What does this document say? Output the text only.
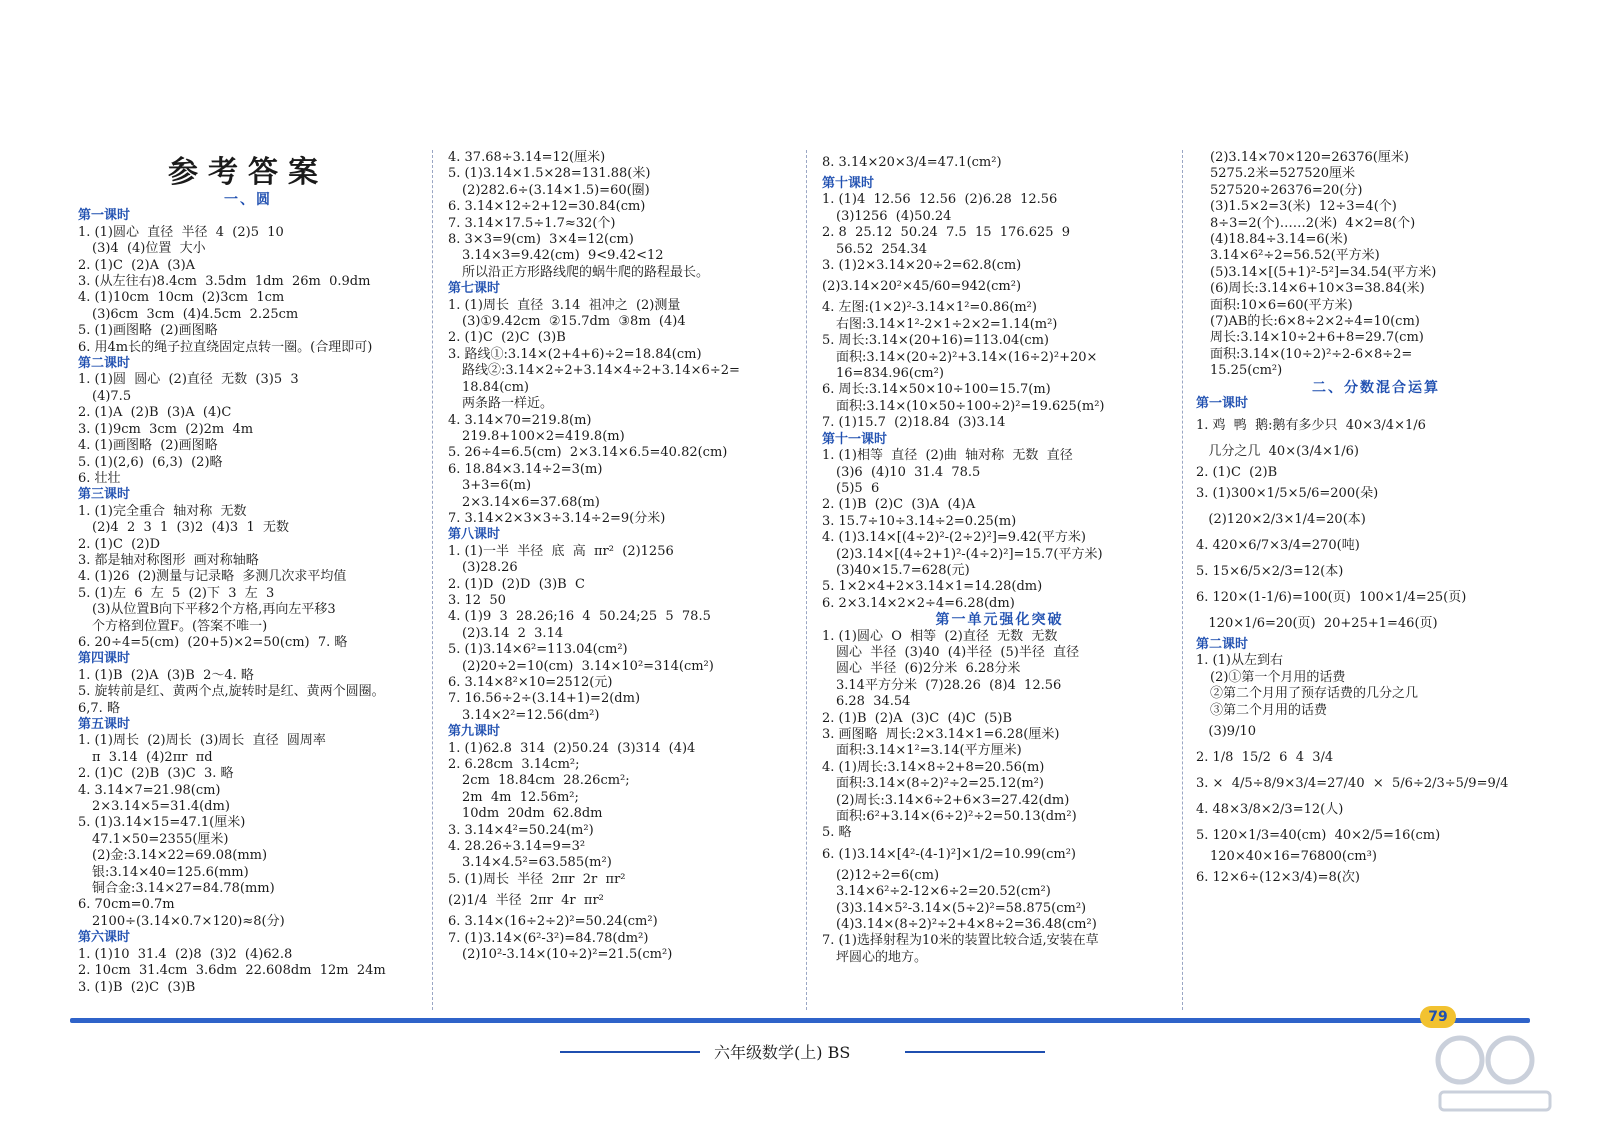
参考答案
一、圆
第一课时
1. (1)圆心  直径  半径  4  (2)5  10
(3)4  (4)位置  大小
2. (1)C  (2)A  (3)A
3. (从左往右)8.4cm  3.5dm  1dm  26m  0.9dm
4. (1)10cm  10cm  (2)3cm  1cm
(3)6cm  3cm  (4)4.5cm  2.25cm
5. (1)画图略  (2)画图略
6. 用4m长的绳子拉直绕固定点转一圈。(合理即可)
第二课时
1. (1)圆  圆心  (2)直径  无数  (3)5  3
(4)7.5
2. (1)A  (2)B  (3)A  (4)C
3. (1)9cm  3cm  (2)2m  4m
4. (1)画图略  (2)画图略
5. (1)(2,6)  (6,3)  (2)略
6. 壮壮
第三课时
1. (1)完全重合  轴对称  无数
(2)4  2  3  1  (3)2  (4)3  1  无数
2. (1)C  (2)D
3. 都是轴对称图形  画对称轴略
4. (1)26  (2)测量与记录略  多测几次求平均值
5. (1)左  6  左  5  (2)下  3  左  3
(3)从位置B向下平移2个方格,再向左平移3
个方格到位置F。(答案不唯一)
6. 20÷4=5(cm)  (20+5)×2=50(cm)  7. 略
第四课时
1. (1)B  (2)A  (3)B  2～4. 略
5. 旋转前是红、黄两个点,旋转时是红、黄两个圆圈。
6,7. 略
第五课时
1. (1)周长  (2)周长  (3)周长  直径  圆周率
π  3.14  (4)2πr  πd
2. (1)C  (2)B  (3)C  3. 略
4. 3.14×7=21.98(cm)
2×3.14×5=31.4(dm)
5. (1)3.14×15=47.1(厘米)
47.1×50=2355(厘米)
(2)金:3.14×22=69.08(mm)
银:3.14×40=125.6(mm)
铜合金:3.14×27=84.78(mm)
6. 70cm=0.7m
2100÷(3.14×0.7×120)≈8(分)
第六课时
1. (1)10  31.4  (2)8  (3)2  (4)62.8
2. 10cm  31.4cm  3.6dm  22.608dm  12m  24m
3. (1)B  (2)C  (3)B
4. 37.68÷3.14=12(厘米)
5. (1)3.14×1.5×28=131.88(米)
(2)282.6÷(3.14×1.5)=60(圈)
6. 3.14×12÷2+12=30.84(cm)
7. 3.14×17.5÷1.7≈32(个)
8. 3×3=9(cm)  3×4=12(cm)
3.14×3=9.42(cm)  9<9.42<12
所以沿正方形路线爬的蜗牛爬的路程最长。
第七课时
1. (1)周长  直径  3.14  祖冲之  (2)测量
(3)①9.42cm  ②15.7dm  ③8m  (4)4
2. (1)C  (2)C  (3)B
3. 路线①:3.14×(2+4+6)÷2=18.84(cm)
路线②:3.14×2÷2+3.14×4÷2+3.14×6÷2=
18.84(cm)
两条路一样近。
4. 3.14×70=219.8(m)
219.8+100×2=419.8(m)
5. 26÷4=6.5(cm)  2×3.14×6.5=40.82(cm)
6. 18.84×3.14÷2=3(m)
3+3=6(m)
2×3.14×6=37.68(m)
7. 3.14×2×3×3÷3.14÷2=9(分米)
第八课时
1. (1)一半  半径  底  高  πr²  (2)1256
(3)28.26
2. (1)D  (2)D  (3)B  C
3. 12  50
4. (1)9  3  28.26;16  4  50.24;25  5  78.5
(2)3.14  2  3.14
5. (1)3.14×6²=113.04(cm²)
(2)20÷2=10(cm)  3.14×10²=314(cm²)
6. 3.14×8²×10=2512(元)
7. 16.56÷2÷(3.14+1)=2(dm)
3.14×2²=12.56(dm²)
第九课时
1. (1)62.8  314  (2)50.24  (3)314  (4)4
2. 6.28cm  3.14cm²;
2cm  18.84cm  28.26cm²;
2m  4m  12.56m²;
10dm  20dm  62.8dm
3. 3.14×4²=50.24(m²)
4. 28.26÷3.14=9=3²
3.14×4.5²=63.585(m²)
5. (1)周长  半径  2πr  2r  πr²
(2)1/4  半径  2πr  4r  πr²
6. 3.14×(16÷2÷2)²=50.24(cm²)
7. (1)3.14×(6²-3²)=84.78(dm²)
(2)10²-3.14×(10÷2)²=21.5(cm²)
8. 3.14×20×3/4=47.1(cm²)
第十课时
1. (1)4  12.56  12.56  (2)6.28  12.56
(3)1256  (4)50.24
2. 8  25.12  50.24  7.5  15  176.625  9
56.52  254.34
3. (1)2×3.14×20÷2=62.8(cm)
(2)3.14×20²×45/60=942(cm²)
4. 左图:(1×2)²-3.14×1²=0.86(m²)
右图:3.14×1²-2×1÷2×2=1.14(m²)
5. 周长:3.14×(20+16)=113.04(cm)
面积:3.14×(20÷2)²+3.14×(16÷2)²+20×
16=834.96(cm²)
6. 周长:3.14×50×10÷100=15.7(m)
面积:3.14×(10×50÷100÷2)²=19.625(m²)
7. (1)15.7  (2)18.84  (3)3.14
第十一课时
1. (1)相等  直径  (2)曲  轴对称  无数  直径
(3)6  (4)10  31.4  78.5
(5)5  6
2. (1)B  (2)C  (3)A  (4)A
3. 15.7÷10÷3.14÷2=0.25(m)
4. (1)3.14×[(4÷2)²-(2÷2)²]=9.42(平方米)
(2)3.14×[(4÷2+1)²-(4÷2)²]=15.7(平方米)
(3)40×15.7=628(元)
5. 1×2×4+2×3.14×1=14.28(dm)
6. 2×3.14×2×2÷4=6.28(dm)
第一单元强化突破
1. (1)圆心  O  相等  (2)直径  无数  无数
圆心  半径  (3)40  (4)半径  (5)半径  直径
圆心  半径  (6)2分米  6.28分米
3.14平方分米  (7)28.26  (8)4  12.56
6.28  34.54
2. (1)B  (2)A  (3)C  (4)C  (5)B
3. 画图略  周长:2×3.14×1=6.28(厘米)
面积:3.14×1²=3.14(平方厘米)
4. (1)周长:3.14×8÷2+8=20.56(m)
面积:3.14×(8÷2)²÷2=25.12(m²)
(2)周长:3.14×6÷2+6×3=27.42(dm)
面积:6²+3.14×(6÷2)²÷2=50.13(dm²)
5. 略
6. (1)3.14×[4²-(4-1)²]×1/2=10.99(cm²)
(2)12÷2=6(cm)
3.14×6²÷2-12×6÷2=20.52(cm²)
(3)3.14×5²-3.14×(5÷2)²=58.875(cm²)
(4)3.14×(8÷2)²÷2+4×8÷2=36.48(cm²)
7. (1)选择射程为10米的装置比较合适,安装在草
坪圆心的地方。
(2)3.14×70×120=26376(厘米)
5275.2米=527520厘米
527520÷26376=20(分)
(3)1.5×2=3(米)  12÷3=4(个)
8÷3=2(个)……2(米)  4×2=8(个)
(4)18.84÷3.14=6(米)
3.14×6²÷2=56.52(平方米)
(5)3.14×[(5+1)²-5²]=34.54(平方米)
(6)周长:3.14×6+10×3=38.84(米)
面积:10×6=60(平方米)
(7)AB的长:6×8÷2×2÷4=10(cm)
周长:3.14×10÷2+6+8=29.7(cm)
面积:3.14×(10÷2)²÷2-6×8÷2=
15.25(cm²)
二、分数混合运算
第一课时
1. 鸡  鸭  鹅:鹅有多少只  40×3/4×1/6
几分之几  40×(3/4×1/6)
2. (1)C  (2)B
3. (1)300×1/5×5/6=200(朵)
(2)120×2/3×1/4=20(本)
4. 420×6/7×3/4=270(吨)
5. 15×6/5×2/3=12(本)
6. 120×(1-1/6)=100(页)  100×1/4=25(页)
120×1/6=20(页)  20+25+1=46(页)
第二课时
1. (1)从左到右
(2)①第一个月用的话费
②第二个月用了预存话费的几分之几
③第二个月用的话费
(3)9/10
2. 1/8  15/2  6  4  3/4
3. ×  4/5÷8/9×3/4=27/40  ×  5/6÷2/3÷5/9=9/4
4. 48×3/8×2/3=12(人)
5. 120×1/3=40(cm)  40×2/5=16(cm)
120×40×16=76800(cm³)
6. 12×6÷(12×3/4)=8(次)
六年级数学(上) BS
79
